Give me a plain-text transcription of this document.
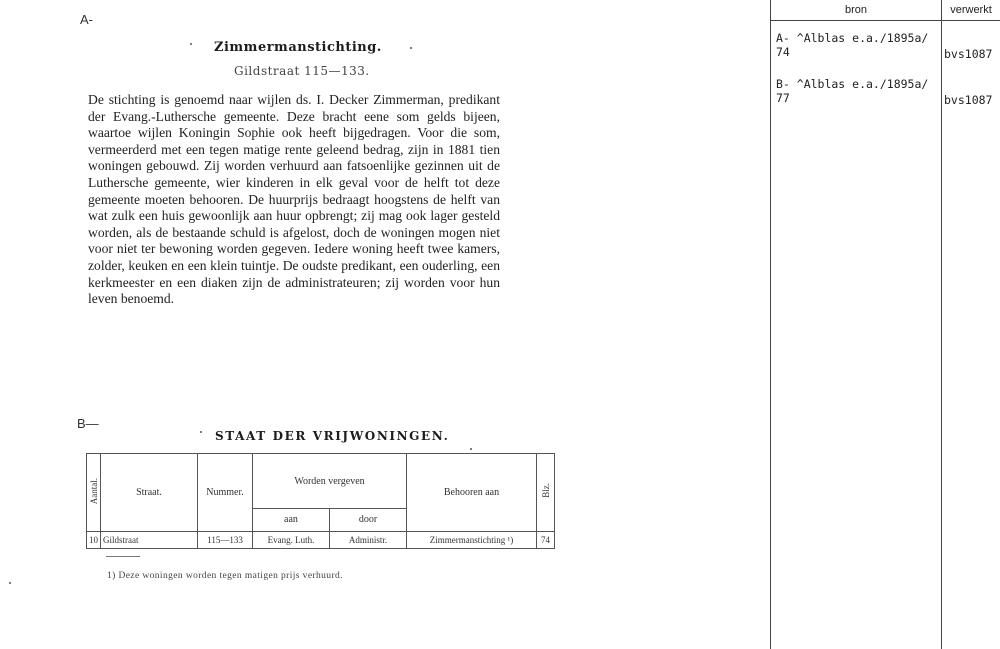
A-
Zimmermanstichting.
Gildstraat 115—133.
De stichting is genoemd naar wijlen ds. I. Decker Zimmerman, predikant der Evang.-Luthersche gemeente. Deze bracht eene som gelds bijeen, waartoe wijlen Koningin Sophie ook heeft bijgedragen. Voor die som, vermeerderd met een tegen matige rente geleend bedrag, zijn in 1881 tien woningen gebouwd. Zij worden verhuurd aan fatsoenlijke gezinnen uit de Luthersche gemeente, wier kinderen in elk geval voor de helft tot deze gemeente moeten behooren. De huurprijs bedraagt hoogstens de helft van wat zulk een huis gewoonlijk aan huur opbrengt; zij mag ook lager gesteld worden, als de bestaande schuld is afgelost, doch de woningen mogen niet voor niet ter bewoning worden gegeven. Iedere woning heeft twee kamers, zolder, keuken en een klein tuintje. De oudste predikant, een ouderling, een kerkmeester en een diaken zijn de administrateuren; zij worden voor hun leven benoemd.
B—
STAAT DER VRIJWONINGEN.
Aantal.	Straat.	Nummer.	Worden vergeven		Behooren aan	Blz.
			aan	door		
10	Gildstraat	115—133	Evang. Luth.	Administr.	Zimmermanstichting ¹)	74
1) Deze woningen worden tegen matigen prijs verhuurd.
bron	verwerkt
A- ^Alblas e.a./1895a/
74	bvs1087
B- ^Alblas e.a./1895a/
77	bvs1087
